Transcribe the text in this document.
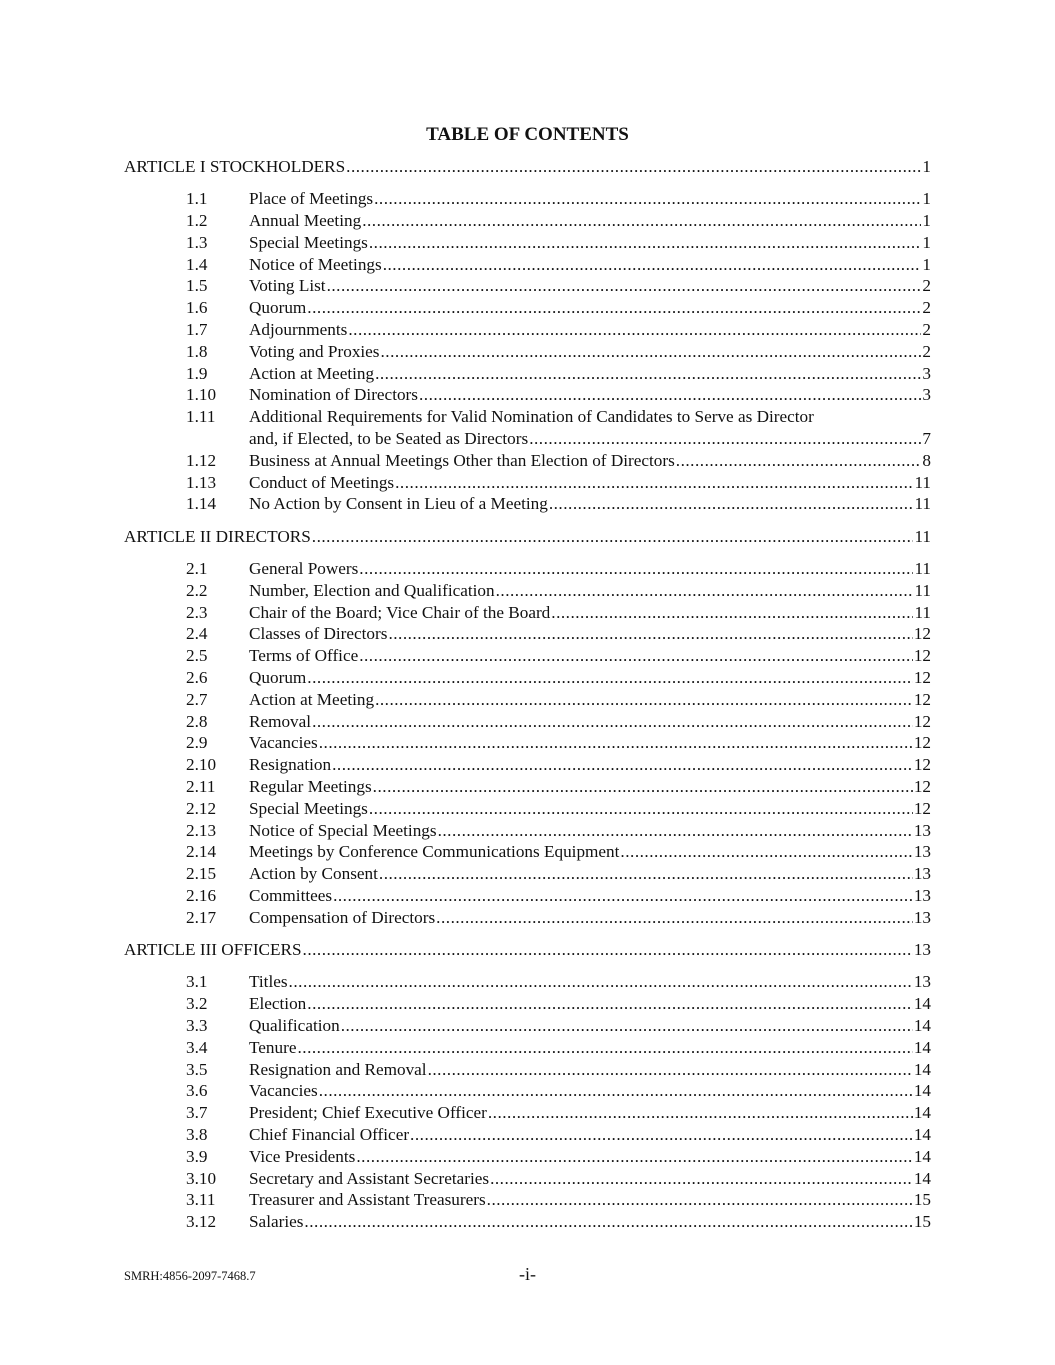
TABLE OF CONTENTS
ARTICLE I STOCKHOLDERS .....	1
1.1	Place of Meetings .....	1
1.2	Annual Meeting .....	1
1.3	Special Meetings .....	1
1.4	Notice of Meetings .....	1
1.5	Voting List .....	2
1.6	Quorum .....	2
1.7	Adjournments .....	2
1.8	Voting and Proxies .....	2
1.9	Action at Meeting .....	3
1.10	Nomination of Directors .....	3
1.11	Additional Requirements for Valid Nomination of Candidates to Serve as Director
and, if Elected, to be Seated as Directors .....	7
1.12	Business at Annual Meetings Other than Election of Directors .....	8
1.13	Conduct of Meetings .....	11
1.14	No Action by Consent in Lieu of a Meeting .....	11
ARTICLE II DIRECTORS .....	11
2.1	General Powers .....	11
2.2	Number, Election and Qualification .....	11
2.3	Chair of the Board; Vice Chair of the Board .....	11
2.4	Classes of Directors .....	12
2.5	Terms of Office .....	12
2.6	Quorum .....	12
2.7	Action at Meeting .....	12
2.8	Removal .....	12
2.9	Vacancies .....	12
2.10	Resignation .....	12
2.11	Regular Meetings .....	12
2.12	Special Meetings .....	12
2.13	Notice of Special Meetings .....	13
2.14	Meetings by Conference Communications Equipment .....	13
2.15	Action by Consent .....	13
2.16	Committees .....	13
2.17	Compensation of Directors .....	13
ARTICLE III OFFICERS .....	13
3.1	Titles .....	13
3.2	Election .....	14
3.3	Qualification .....	14
3.4	Tenure .....	14
3.5	Resignation and Removal .....	14
3.6	Vacancies .....	14
3.7	President; Chief Executive Officer .....	14
3.8	Chief Financial Officer .....	14
3.9	Vice Presidents .....	14
3.10	Secretary and Assistant Secretaries .....	14
3.11	Treasurer and Assistant Treasurers .....	15
3.12	Salaries .....	15
SMRH:4856-2097-7468.7	-i-
